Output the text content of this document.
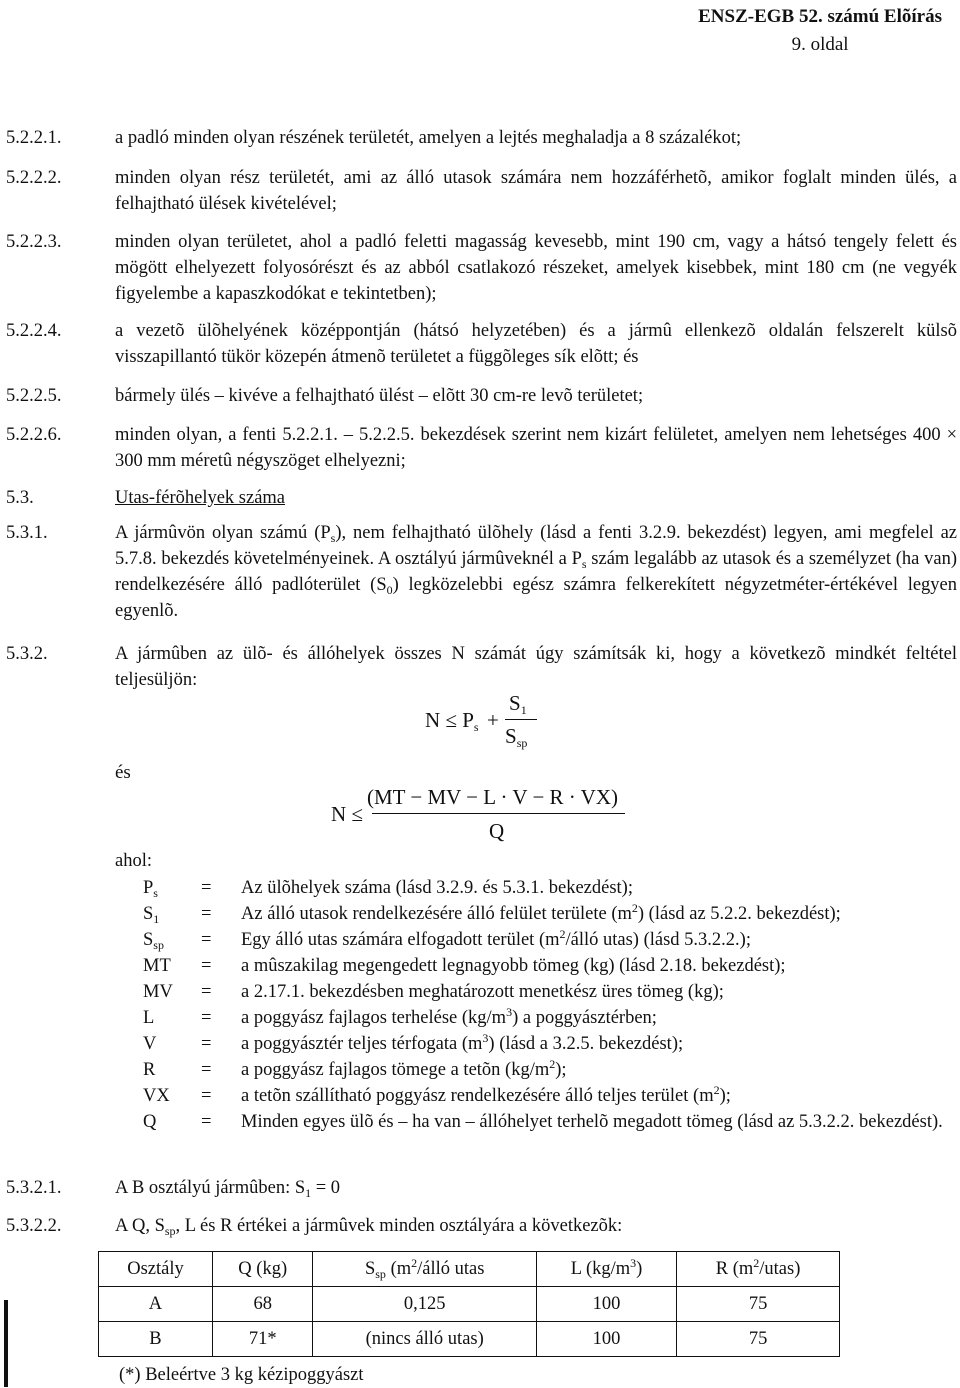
ENSZ-EGB 52. számú Elõírás
9. oldal
5.2.2.1.	a padló minden olyan részének területét, amelyen a lejtés meghaladja a 8 százalékot;
5.2.2.2.	minden olyan rész területét, ami az álló utasok számára nem hozzáférhetõ, amikor foglalt minden ülés, a felhajtható ülések kivételével;
5.2.2.3.	minden olyan területet, ahol a padló feletti magasság kevesebb, mint 190 cm, vagy a hátsó tengely felett és mögött elhelyezett folyosórészt és az abból csatlakozó részeket, amelyek kisebbek, mint 180 cm (ne vegyék figyelembe a kapaszkodókat e tekintetben);
5.2.2.4.	a vezetõ ülõhelyének középpontján (hátsó helyzetében) és a jármû ellenkezõ oldalán felszerelt külsõ visszapillantó tükör közepén átmenõ területet a függõleges sík elõtt; és
5.2.2.5.	bármely ülés – kivéve a felhajtható ülést – elõtt 30 cm-re levõ területet;
5.2.2.6.	minden olyan, a fenti 5.2.2.1. – 5.2.2.5. bekezdések szerint nem kizárt felületet, amelyen nem lehetséges 400 × 300 mm méretû négyszöget elhelyezni;
5.3.	Utas-férõhelyek száma
5.3.1.	A jármûvön olyan számú $(P_s)$, nem felhajtható ülõhely (lásd a fenti 3.2.9. bekezdést) legyen, ami megfelel az 5.7.8. bekezdés követelményeinek. A osztályú jármûveknél a $P_s$ szám legalább az utasok és a személyzet (ha van) rendelkezésére álló padlóterület $(S_0)$ legközelebbi egész számra felkerekített négyzetméter-értékével legyen egyenlõ.
5.3.2.	A jármûben az ülõ- és állóhelyek összes N számát úgy számítsák ki, hogy a következõ mindkét feltétel teljesüljön:
$N \le P_s$ +
$S_1$
$S_{sp}$
és
N ≤
(MT − MV − L · V − R · VX)
Q
ahol:
$P_s$	= Az ülõhelyek száma (lásd 3.2.9. és 5.3.1. bekezdést);
$S_1$	= Az álló utasok rendelkezésére álló felület területe $(m^2)$ (lásd az 5.2.2. bekezdést);
$S_{sp}$	= Egy álló utas számára elfogadott terület ($m^2$/álló utas) (lásd 5.3.2.2.);
MT	= a mûszakilag megengedett legnagyobb tömeg (kg) (lásd 2.18. bekezdést);
MV	= a 2.17.1. bekezdésben meghatározott menetkész üres tömeg (kg);
L	= a poggyász fajlagos terhelése $(kg/m^3)$ a poggyásztérben;
V	= a poggyásztér teljes térfogata $(m^3)$ (lásd a 3.2.5. bekezdést);
R	= a poggyász fajlagos tömege a tetõn $(kg/m^2)$;
VX	= a tetõn szállítható poggyász rendelkezésére álló teljes terület $(m^2)$;
Q	= Minden egyes ülõ és – ha van – állóhelyet terhelõ megadott tömeg (lásd az 5.3.2.2. bekezdést).
5.3.2.1.	A B osztályú jármûben: $S_1 = 0$
5.3.2.2.	A Q, $S_{sp}$, L és R értékei a jármûvek minden osztályára a következõk:
Osztály	Q (kg)	$S_{sp}$ ($m^2$/álló utas	L $(kg/m^3)$	R $(m^2/utas)$
A	68	0,125	100	75
B	71*	(nincs álló utas)	100	75
(*) Beleértve 3 kg kézipoggyászt
